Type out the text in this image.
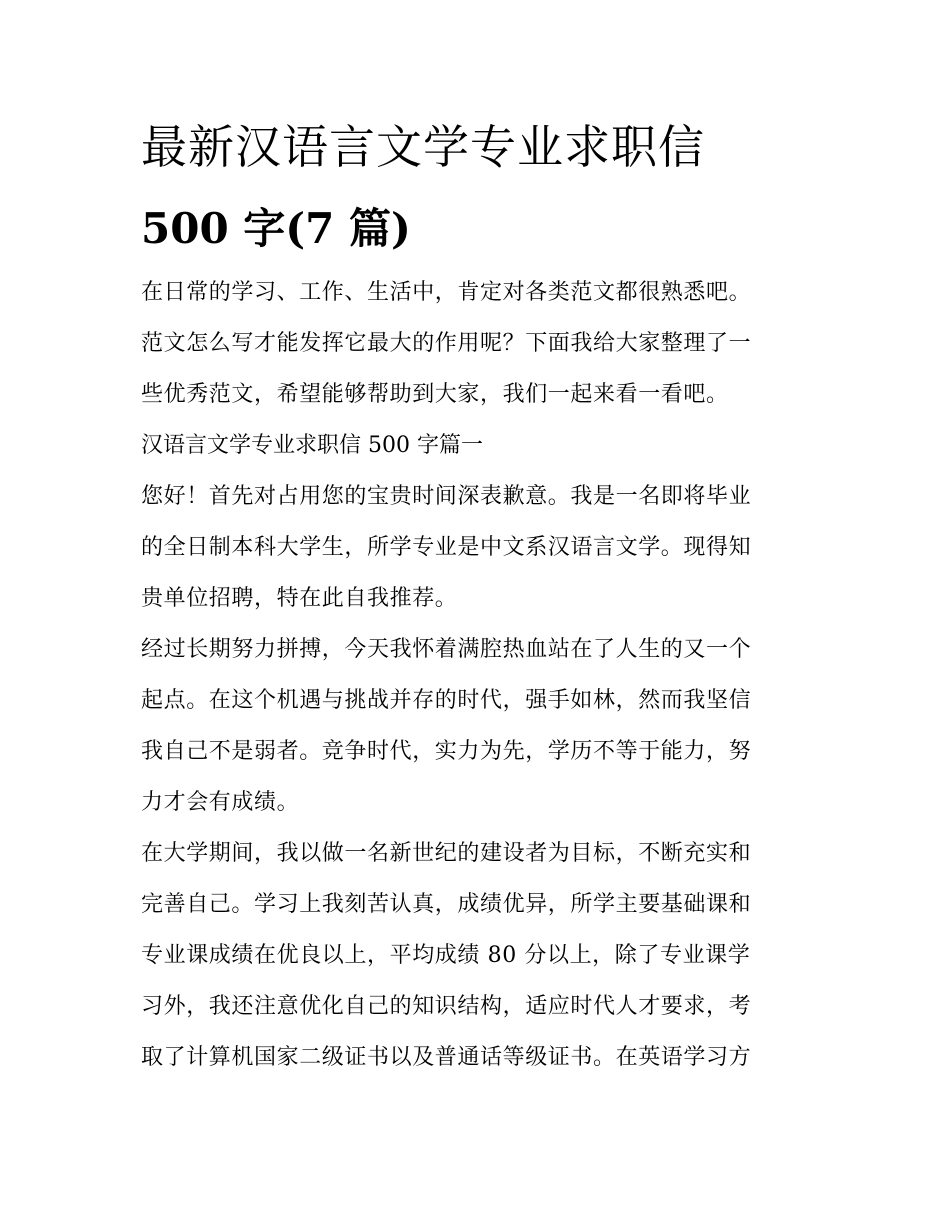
最新汉语言文学专业求职信
500 字(7 篇)
在日常的学习、工作、生活中，肯定对各类范文都很熟悉吧。
范文怎么写才能发挥它最大的作用呢？下面我给大家整理了一
些优秀范文，希望能够帮助到大家，我们一起来看一看吧。
汉语言文学专业求职信 500 字篇一
您好！首先对占用您的宝贵时间深表歉意。我是一名即将毕业
的全日制本科大学生，所学专业是中文系汉语言文学。现得知
贵单位招聘，特在此自我推荐。
经过长期努力拼搏，今天我怀着满腔热血站在了人生的又一个
起点。在这个机遇与挑战并存的时代，强手如林，然而我坚信
我自己不是弱者。竞争时代，实力为先，学历不等于能力，努
力才会有成绩。
在大学期间，我以做一名新世纪的建设者为目标，不断充实和
完善自己。学习上我刻苦认真，成绩优异，所学主要基础课和
专业课成绩在优良以上，平均成绩 80 分以上，除了专业课学
习外，我还注意优化自己的知识结构，适应时代人才要求，考
取了计算机国家二级证书以及普通话等级证书。在英语学习方
